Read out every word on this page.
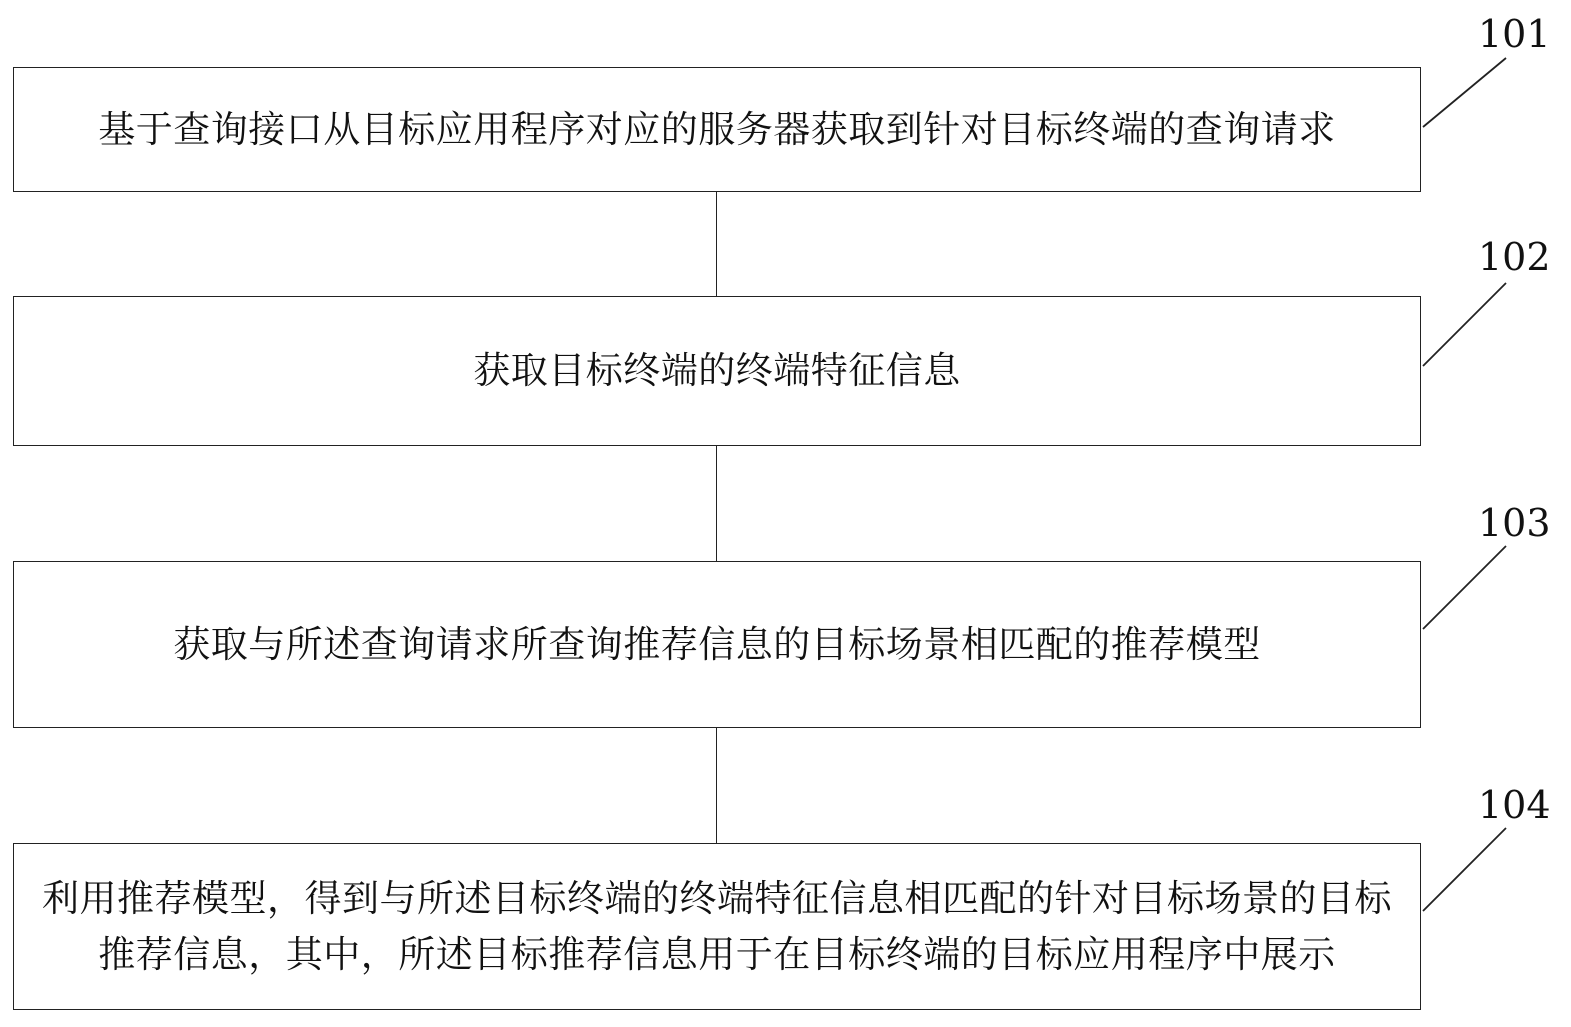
基于查询接口从目标应用程序对应的服务器获取到针对目标终端的查询请求
获取目标终端的终端特征信息
获取与所述查询请求所查询推荐信息的目标场景相匹配的推荐模型
利用推荐模型，得到与所述目标终端的终端特征信息相匹配的针对目标场景的目标推荐信息，其中，所述目标推荐信息用于在目标终端的目标应用程序中展示
101
102
103
104
